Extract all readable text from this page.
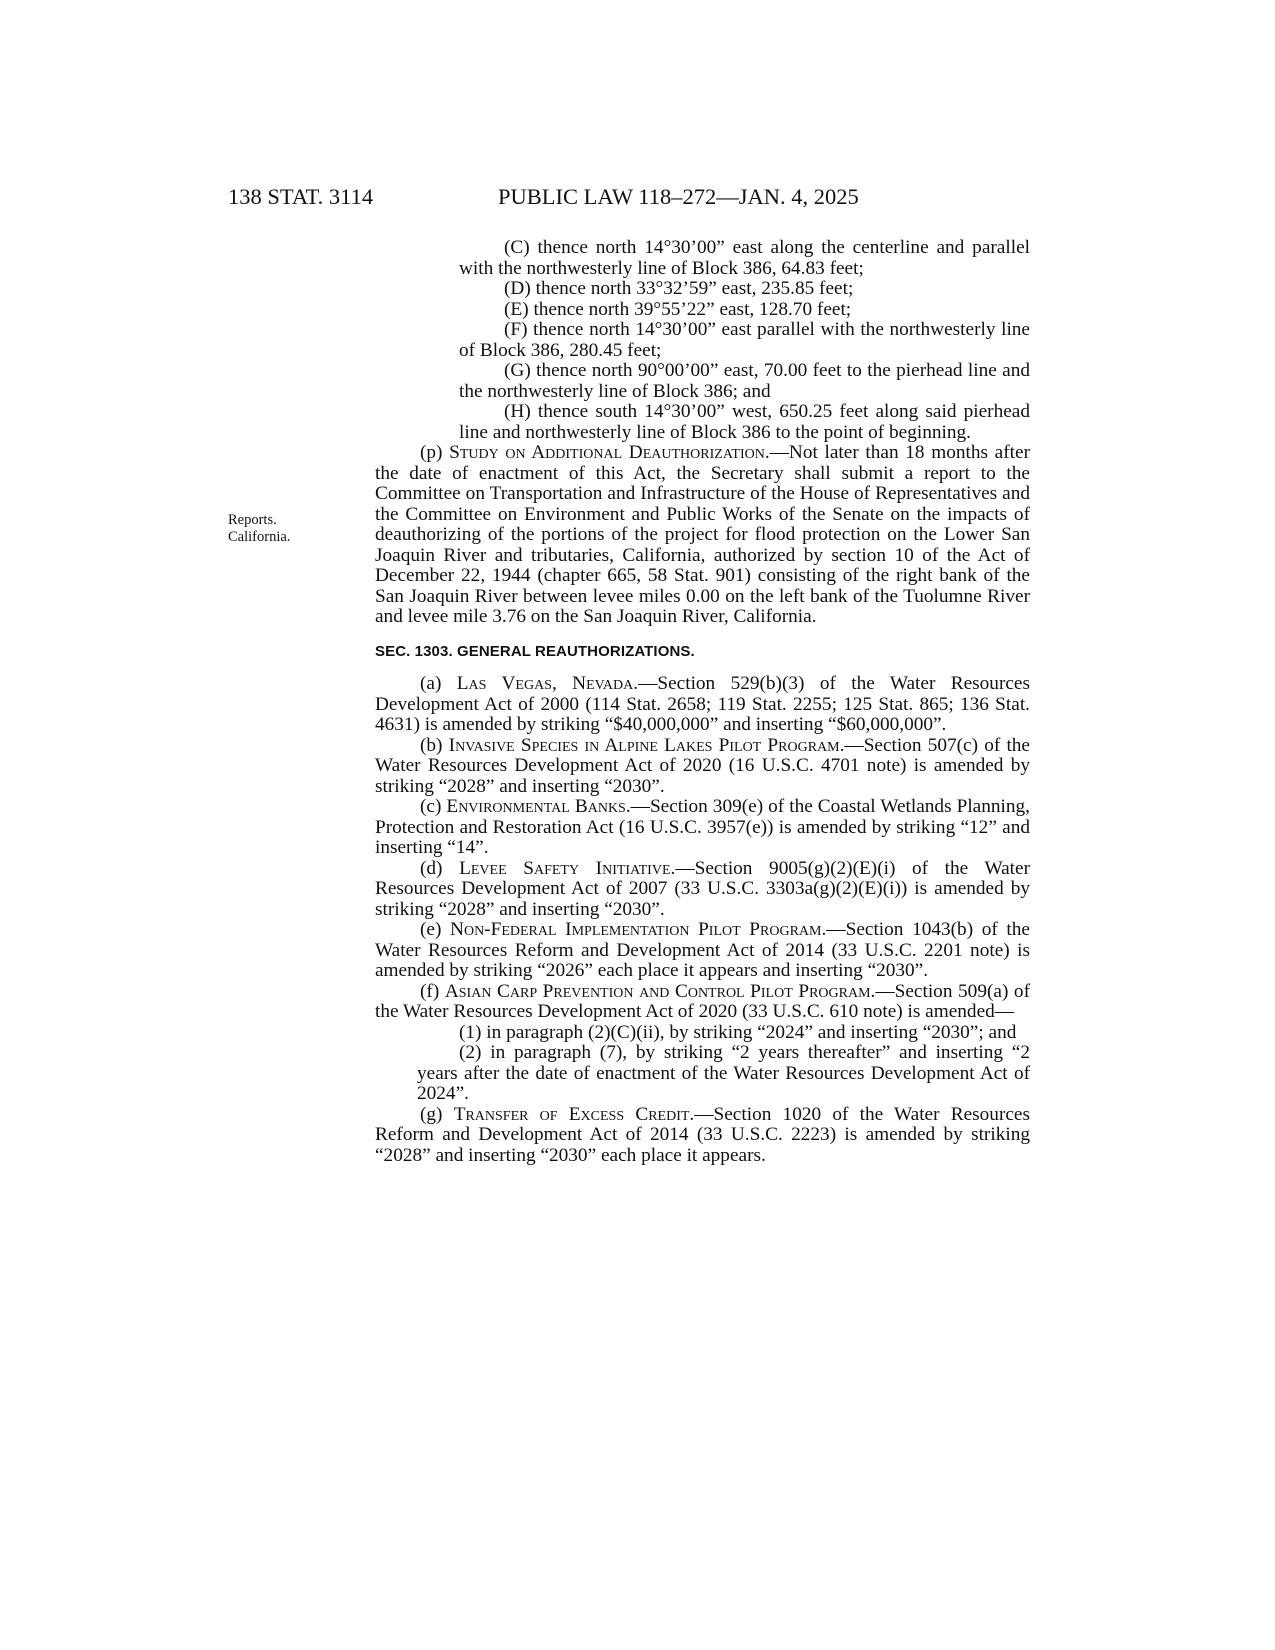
138 STAT. 3114	PUBLIC LAW 118–272—JAN. 4, 2025
Reports.
California.

(C) thence north 14°30’00” east along the centerline and parallel with the northwesterly line of Block 386, 64.83 feet;

(D) thence north 33°32’59” east, 235.85 feet;

(E) thence north 39°55’22” east, 128.70 feet;

(F) thence north 14°30’00” east parallel with the northwesterly line of Block 386, 280.45 feet;

(G) thence north 90°00’00” east, 70.00 feet to the pierhead line and the northwesterly line of Block 386; and

(H) thence south 14°30’00” west, 650.25 feet along said pierhead line and northwesterly line of Block 386 to the point of beginning.

(p) Study on Additional Deauthorization.—Not later than 18 months after the date of enactment of this Act, the Secretary shall submit a report to the Committee on Transportation and Infrastructure of the House of Representatives and the Committee on Environment and Public Works of the Senate on the impacts of deauthorizing of the portions of the project for flood protection on the Lower San Joaquin River and tributaries, California, authorized by section 10 of the Act of December 22, 1944 (chapter 665, 58 Stat. 901) consisting of the right bank of the San Joaquin River between levee miles 0.00 on the left bank of the Tuolumne River and levee mile 3.76 on the San Joaquin River, California.

SEC. 1303. GENERAL REAUTHORIZATIONS.

(a) Las Vegas, Nevada.—Section 529(b)(3) of the Water Resources Development Act of 2000 (114 Stat. 2658; 119 Stat. 2255; 125 Stat. 865; 136 Stat. 4631) is amended by striking “$40,000,000” and inserting “$60,000,000”.

(b) Invasive Species in Alpine Lakes Pilot Program.—Section 507(c) of the Water Resources Development Act of 2020 (16 U.S.C. 4701 note) is amended by striking “2028” and inserting “2030”.

(c) Environmental Banks.—Section 309(e) of the Coastal Wetlands Planning, Protection and Restoration Act (16 U.S.C. 3957(e)) is amended by striking “12” and inserting “14”.

(d) Levee Safety Initiative.—Section 9005(g)(2)(E)(i) of the Water Resources Development Act of 2007 (33 U.S.C. 3303a(g)(2)(E)(i)) is amended by striking “2028” and inserting “2030”.

(e) Non-Federal Implementation Pilot Program.—Section 1043(b) of the Water Resources Reform and Development Act of 2014 (33 U.S.C. 2201 note) is amended by striking “2026” each place it appears and inserting “2030”.

(f) Asian Carp Prevention and Control Pilot Program.—Section 509(a) of the Water Resources Development Act of 2020 (33 U.S.C. 610 note) is amended—

(1) in paragraph (2)(C)(ii), by striking “2024” and inserting “2030”; and

(2) in paragraph (7), by striking “2 years thereafter” and inserting “2 years after the date of enactment of the Water Resources Development Act of 2024”.

(g) Transfer of Excess Credit.—Section 1020 of the Water Resources Reform and Development Act of 2014 (33 U.S.C. 2223) is amended by striking “2028” and inserting “2030” each place it appears.
